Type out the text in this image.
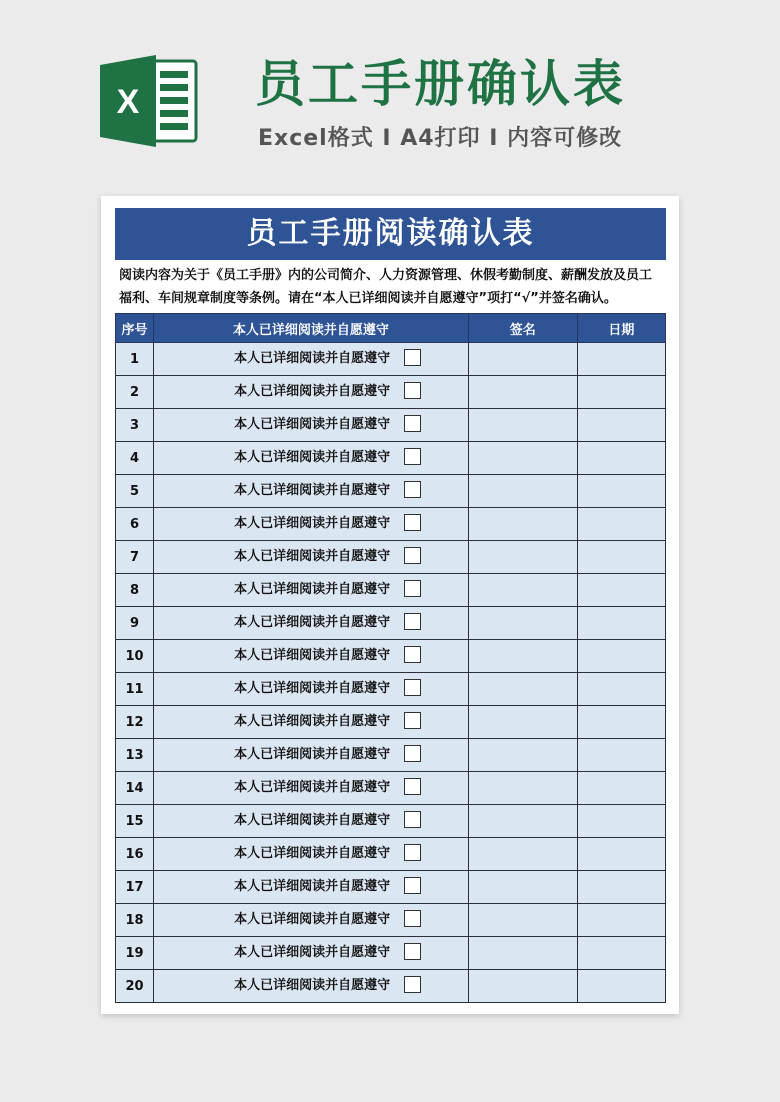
X 员工手册确认表
Excel格式 I A4打印 I 内容可修改
员工手册阅读确认表
阅读内容为关于《员工手册》内的公司简介、人力资源管理、休假考勤制度、薪酬发放及员工福利、车间规章制度等条例。请在“本人已详细阅读并自愿遵守”项打“√”并签名确认。
序号	本人已详细阅读并自愿遵守	签名	日期
1	本人已详细阅读并自愿遵守		

2	本人已详细阅读并自愿遵守		

3	本人已详细阅读并自愿遵守		

4	本人已详细阅读并自愿遵守		

5	本人已详细阅读并自愿遵守		

6	本人已详细阅读并自愿遵守		

7	本人已详细阅读并自愿遵守		

8	本人已详细阅读并自愿遵守		

9	本人已详细阅读并自愿遵守		

10	本人已详细阅读并自愿遵守		

11	本人已详细阅读并自愿遵守		

12	本人已详细阅读并自愿遵守		

13	本人已详细阅读并自愿遵守		

14	本人已详细阅读并自愿遵守		

15	本人已详细阅读并自愿遵守		

16	本人已详细阅读并自愿遵守		

17	本人已详细阅读并自愿遵守		

18	本人已详细阅读并自愿遵守		

19	本人已详细阅读并自愿遵守		

20	本人已详细阅读并自愿遵守		
